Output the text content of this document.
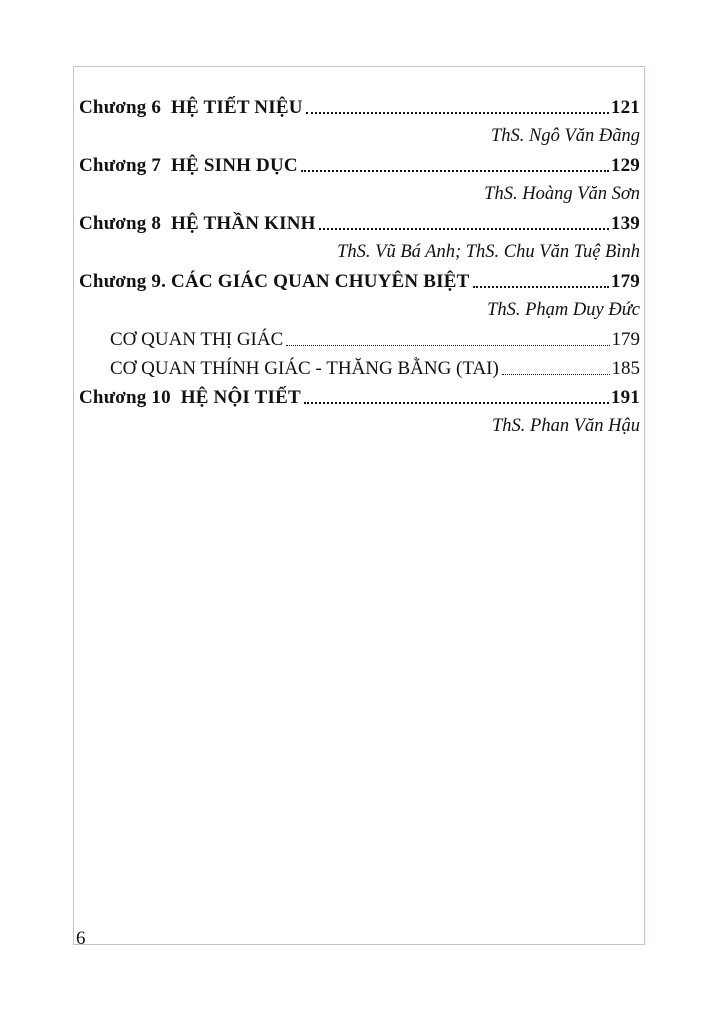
Chương 6  HỆ TIẾT NIỆU	121
ThS. Ngô Văn Đãng
Chương 7  HỆ SINH DỤC	129
ThS. Hoàng Văn Sơn
Chương 8  HỆ THẦN KINH	139
ThS. Vũ Bá Anh; ThS. Chu Văn Tuệ Bình
Chương 9. CÁC GIÁC QUAN CHUYÊN BIỆT	179
ThS. Phạm Duy Đức
CƠ QUAN THỊ GIÁC	179
CƠ QUAN THÍNH GIÁC - THĂNG BẰNG (TAI)	185
Chương 10  HỆ NỘI TIẾT	191
ThS. Phan Văn Hậu
6
